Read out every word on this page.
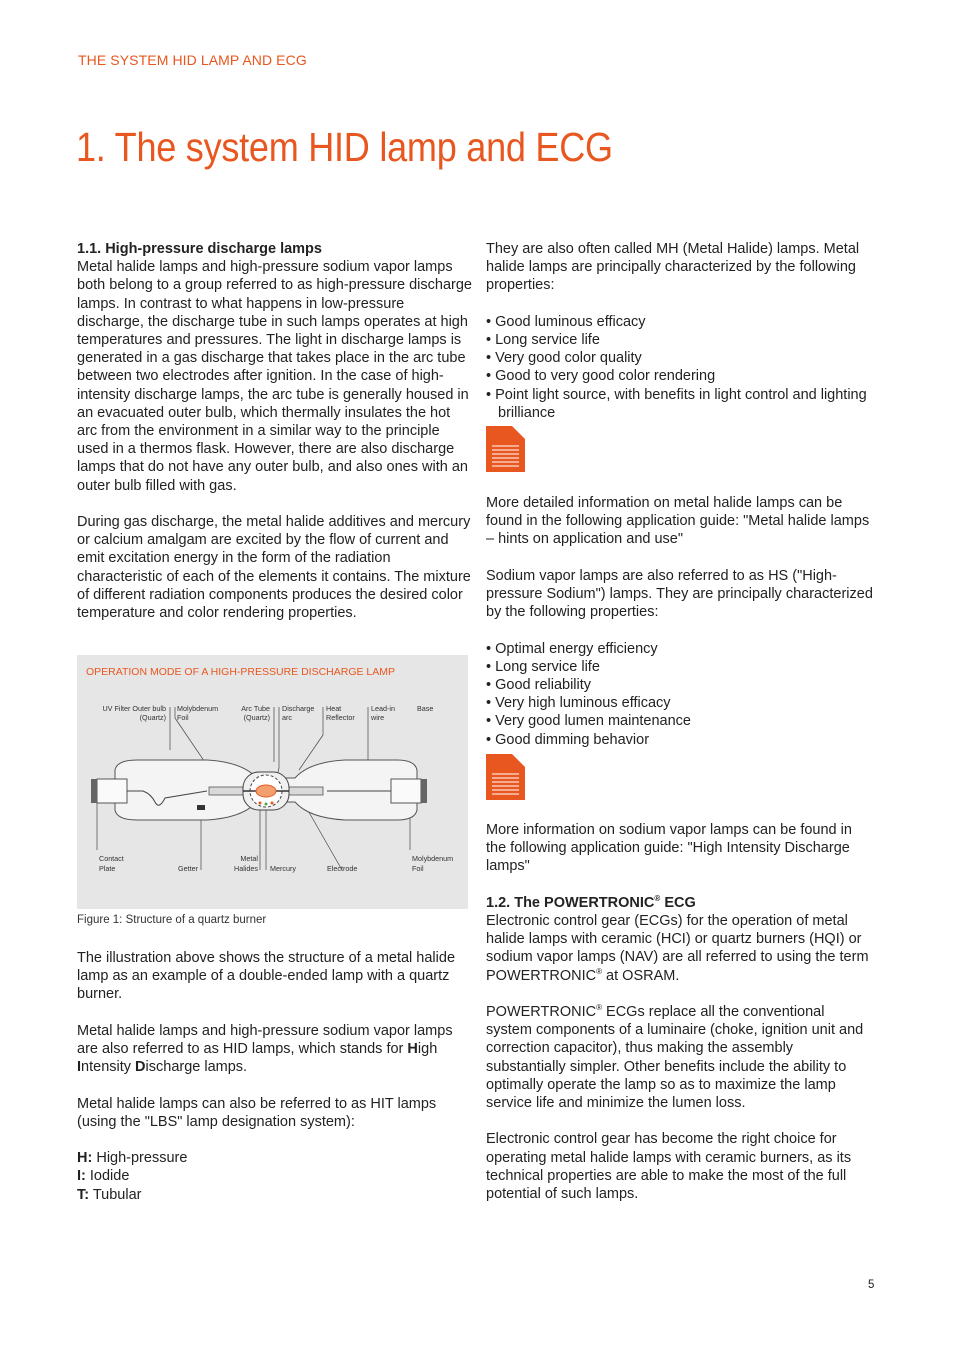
THE SYSTEM HID LAMP AND ECG
1. The system HID lamp and ECG
1.1. High-pressure discharge lamps

Metal halide lamps and high-pressure sodium vapor lamps both belong to a group referred to as high-pressure discharge lamps. In contrast to what happens in low-pressure discharge, the discharge tube in such lamps operates at high temperatures and pressures. The light in discharge lamps is generated in a gas discharge that takes place in the arc tube between two electrodes after ignition. In the case of high-intensity discharge lamps, the arc tube is generally housed in an evacuated outer bulb, which thermally insulates the hot arc from the environment in a similar way to the principle used in a thermos flask. However, there are also discharge lamps that do not have any outer bulb, and also ones with an outer bulb filled with gas.

During gas discharge, the metal halide additives and mercury or calcium amalgam are excited by the flow of current and emit excitation energy in the form of the radiation characteristic of each of the elements it contains. The mixture of different radiation components produces the desired color temperature and color rendering properties.

OPERATION MODE OF A HIGH-PRESSURE DISCHARGE LAMP
UV Filter Outer bulb
(Quartz)
Molybdenum
Foil
Arc Tube
(Quartz)
Discharge
arc
Heat
Reflector
Lead-in
wire
Base
Contact
Plate	Getter
Metal
Halides Mercury	Electrode
Molybdenum
Foil
Figure 1: Structure of a quartz burner

The illustration above shows the structure of a metal halide lamp as an example of a double-ended lamp with a quartz burner.

Metal halide lamps and high-pressure sodium vapor lamps are also referred to as HID lamps, which stands for High Intensity Discharge lamps.

Metal halide lamps can also be referred to as HIT lamps (using the "LBS" lamp designation system):

H: High-pressure
I: Iodide
T: Tubular

They are also often called MH (Metal Halide) lamps. Metal halide lamps are principally characterized by the following properties:

• Good luminous efficacy
• Long service life
• Very good color quality
• Good to very good color rendering
• Point light source, with benefits in light control and lighting brilliance

More detailed information on metal halide lamps can be found in the following application guide: "Metal halide lamps – hints on application and use"

Sodium vapor lamps are also referred to as HS ("High-pressure Sodium") lamps. They are principally characterized by the following properties:

• Optimal energy efficiency
• Long service life
• Good reliability
• Very high luminous efficacy
• Very good lumen maintenance
• Good dimming behavior

More information on sodium vapor lamps can be found in the following application guide: "High Intensity Discharge lamps"

1.2. The POWERTRONIC® ECG

Electronic control gear (ECGs) for the operation of metal halide lamps with ceramic (HCI) or quartz burners (HQI) or sodium vapor lamps (NAV) are all referred to using the term POWERTRONIC® at OSRAM.

POWERTRONIC® ECGs replace all the conventional system components of a luminaire (choke, ignition unit and correction capacitor), thus making the assembly substantially simpler. Other benefits include the ability to optimally operate the lamp so as to maximize the lamp service life and minimize the lumen loss.

Electronic control gear has become the right choice for operating metal halide lamps with ceramic burners, as its technical properties are able to make the most of the full potential of such lamps.

5
